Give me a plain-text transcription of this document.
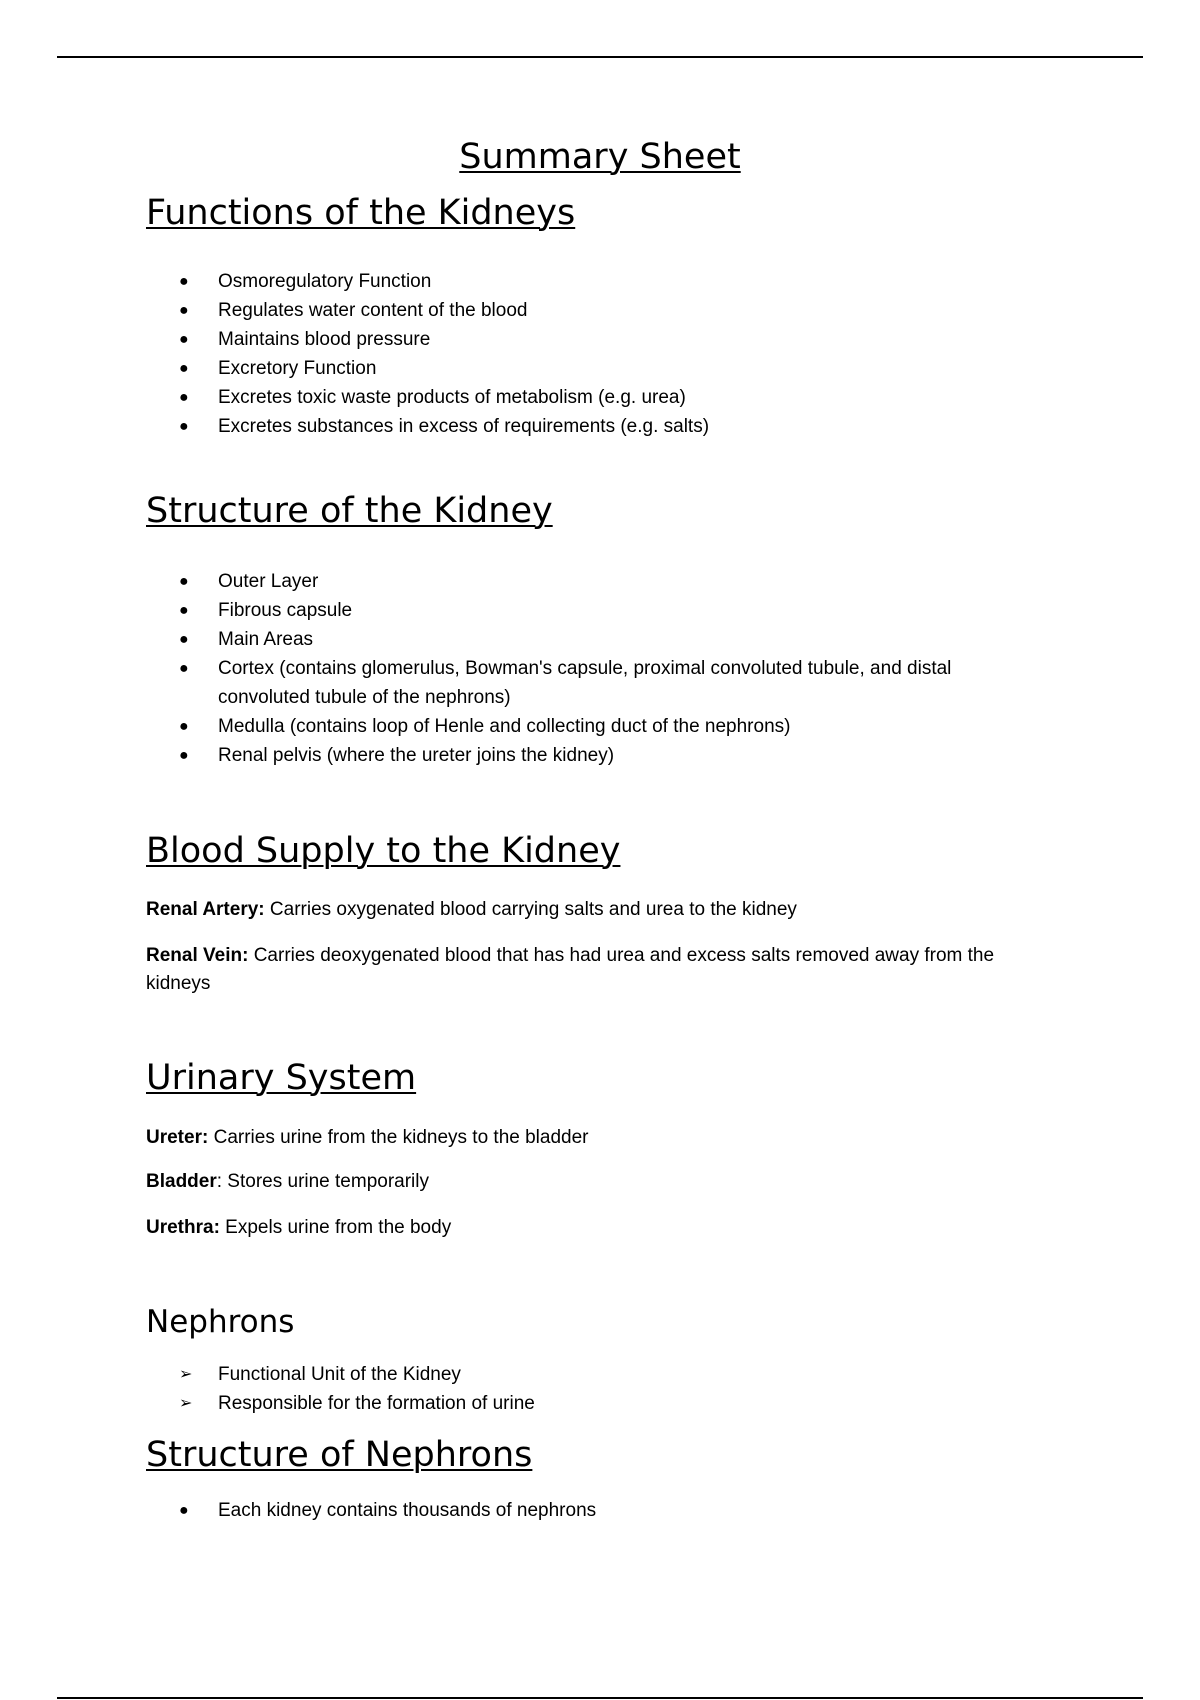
Summary Sheet
Functions of the Kidneys
● Osmoregulatory Function
● Regulates water content of the blood
● Maintains blood pressure
● Excretory Function
● Excretes toxic waste products of metabolism (e.g. urea)
● Excretes substances in excess of requirements (e.g. salts)
Structure of the Kidney
● Outer Layer
● Fibrous capsule
● Main Areas
● Cortex (contains glomerulus, Bowman's capsule, proximal convoluted tubule, and distal convoluted tubule of the nephrons)
● Medulla (contains loop of Henle and collecting duct of the nephrons)
● Renal pelvis (where the ureter joins the kidney)
Blood Supply to the Kidney

Renal Artery: Carries oxygenated blood carrying salts and urea to the kidney

Renal Vein: Carries deoxygenated blood that has had urea and excess salts removed away from the kidneys

Urinary System

Ureter: Carries urine from the kidneys to the bladder

Bladder: Stores urine temporarily

Urethra: Expels urine from the body

Nephrons
➢ Functional Unit of the Kidney
➢ Responsible for the formation of urine
Structure of Nephrons
● Each kidney contains thousands of nephrons
